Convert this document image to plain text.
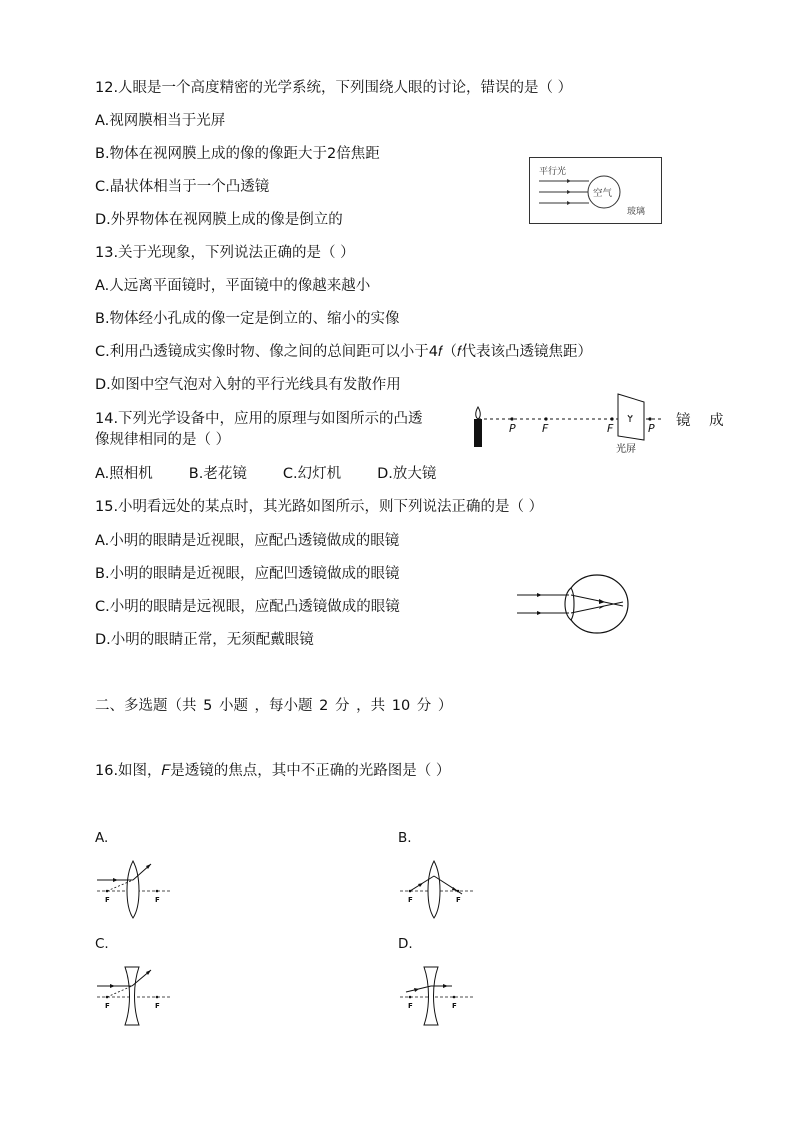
12.人眼是一个高度精密的光学系统，下列围绕人眼的讨论，错误的是（ ）
A.视网膜相当于光屏
B.物体在视网膜上成的像的像距大于2倍焦距
C.晶状体相当于一个凸透镜
D.外界物体在视网膜上成的像是倒立的
平行光
空气
玻璃
13.关于光现象，下列说法正确的是（ ）
A.人远离平面镜时，平面镜中的像越来越小
B.物体经小孔成的像一定是倒立的、缩小的实像
C.利用凸透镜成实像时物、像之间的总间距可以小于4𝑓（𝑓代表该凸透镜焦距）
D.如图中空气泡对入射的平行光线具有发散作用
14.下列光学设备中，应用的原理与如图所示的凸透	镜 成
像规律相同的是（ ）
A.照相机 B.老花镜 C.幻灯机 D.放大镜
P F	F	P
光屏
15.小明看远处的某点时，其光路如图所示，则下列说法正确的是（ ）
A.小明的眼睛是近视眼，应配凸透镜做成的眼镜
B.小明的眼睛是近视眼，应配凹透镜做成的眼镜
C.小明的眼睛是远视眼，应配凸透镜做成的眼镜
D.小明的眼睛正常，无须配戴眼镜
二、多选题（共 5 小题 ，每小题 2 分 ，共 10 分 ）
16.如图，𝐹是透镜的焦点，其中不正确的光路图是（ ）
A.	B.
C.	D.
F	F	F	F
F	F	F	F
